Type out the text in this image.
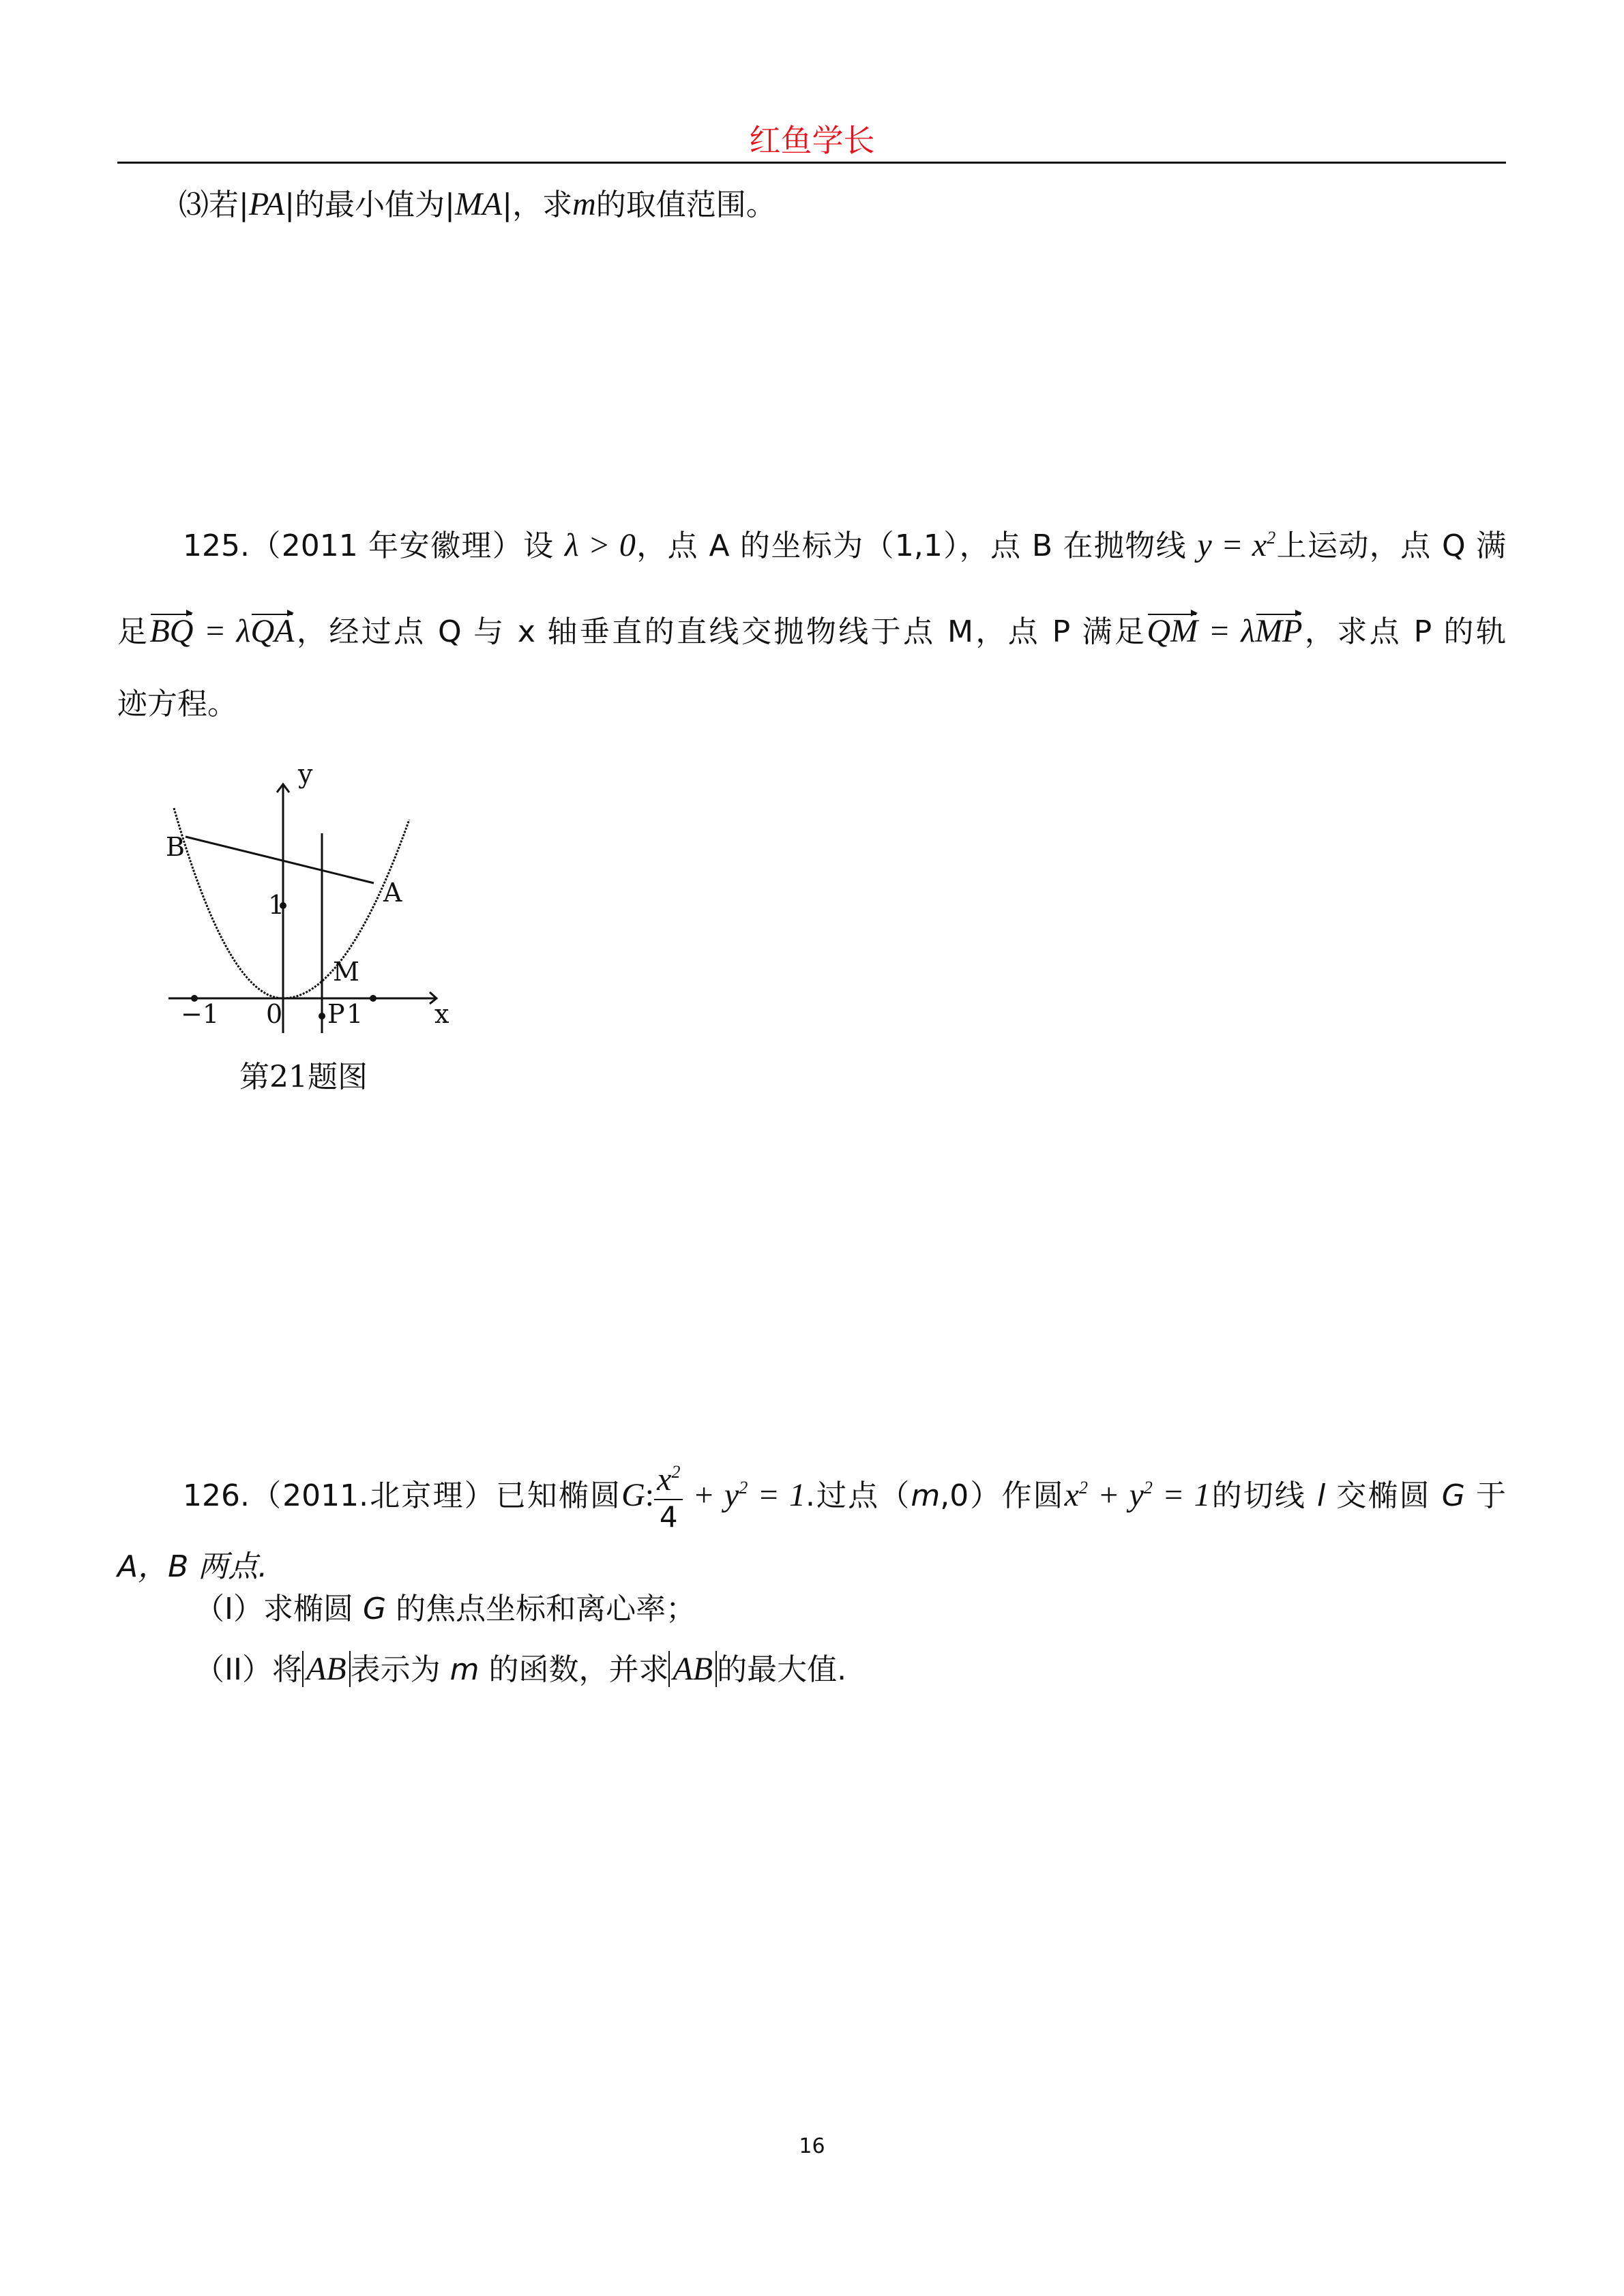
红鱼学长
⑶若|PA|的最小值为|MA|，求m的取值范围。
125.（2011 年安徽理）设 λ > 0，点 A 的坐标为（1,1），点 B 在抛物线 $y = x^2$上运动，点 Q 满
足BQ = λQA，经过点 Q 与 x 轴垂直的直线交抛物线于点 M，点 P 满足QM = λMP，求点 P 的轨
迹方程。
y
x
B
A
M
P
1
−1 0 1
第21题图
126.（2011.北京理）已知椭圆G: $\frac{x^2}{4} + y^2 = 1$.过点（m,0）作圆$x^2 + y^2 = 1$的切线 l 交椭圆 G 于
A，B 两点.
（I）求椭圆 G 的焦点坐标和离心率；
（II）将 AB 表示为 m 的函数，并求 AB 的最大值.
16
